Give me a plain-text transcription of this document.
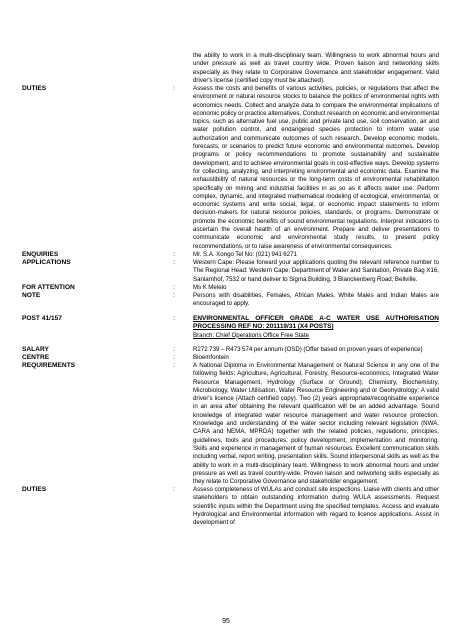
the ability to work in a multi-disciplinary team. Willingness to work abnormal hours and under pressure as well as travel country wide. Proven liaison and networking skills especially as they relate to Corporative Governance and stakeholder engagement. Valid driver's license (certified copy must be attached).
DUTIES	:	Assess the costs and benefits of various activities, policies, or regulations that affect the environment or natural resource stocks to balance the politics of environmental rights with economics needs. Collect and analyze data to compare the environmental implications of economic policy or practice alternatives. Conduct research on economic and environmental topics, such as alternative fuel use, public and private land use, soil conservation, air and water pollution control, and endangered species protection to inform water use authorization and communicate outcomes of such research. Develop economic models, forecasts, or scenarios to predict future economic and environmental outcomes. Develop programs or policy recommendations to promote sustainability and sustainable development, and to achieve environmental goals in cost-effective ways. Develop systems for collecting, analyzing, and interpreting environmental and economic data. Examine the exhaustibility of natural resources or the long-term costs of environmental rehabilitation specifically on mining and industrial facilities in as so as it affects water use. Perform complex, dynamic, and integrated mathematical modeling of ecological, environmental, or economic systems and write social, legal, or economic impact statements to inform decision-makers for natural resource policies, standards, or programs. Demonstrate or promote the economic benefits of sound environmental regulations. Interpret indicators to ascertain the overall health of an environment. Prepare and deliver presentations to communicate economic and environmental study results, to present policy recommendations, or to raise awareness of environmental consequences.
ENQUIRIES	:	Mr. S.A. Xongo Tel No: (021) 941 6271
APPLICATIONS	:	Western Cape: Please forward your applications quoting the relevant reference number to The Regional Head: Western Cape, Department of Water and Sanitation, Private Bag X16, Sanlamhof, 7532 or hand deliver to Sigma Building, 3 Blanckenberg Road, Bellville.
FOR ATTENTION	:	Ms K Melelo
NOTE	:	Persons with disabilities, Females, African Males, White Males and Indian Males are encouraged to apply.
POST 41/157	:	ENVIRONMENTAL OFFICER GRADE A-C WATER USE AUTHORISATION PROCESSING REF NO: 201119/31 (X4 POSTS)
Branch: Chief Operations Office Free State
SALARY	:	R272 739 – R473 574 per annum (OSD) (Offer based on proven years of experience)
CENTRE	:	Bloemfontein
REQUIREMENTS	:	A National Diploma in Environmental Management or Natural Science in any one of the following fields; Agriculture, Agricultural, Forestry, Resource-economics, Integrated Water Resource Management, Hydrology (Surface or Ground); Chemistry, Biochemistry, Microbiology, Water Utilisation, Water Resource Engineering and or Geohydrology; A valid driver's licence (Attach certified copy). Two (2) years appropriate/recognisable experience in an area after obtaining the relevant qualification will be an added advantage. Sound knowledge of integrated water resource management and water resource protection. Knowledge and understanding of the water sector including relevant legislation (NWA, CARA and NEMA, MPRDA) together with the related policies, regulations, principles, guidelines, tools and procedures; policy development, implementation and monitoring. Skills and experience in management of human resources. Excellent communication skills including verbal, report writing, presentation skills. Sound interpersonal skills as well as the ability to work in a multi-disciplinary team. Willingness to work abnormal hours and under pressure as well as travel country-wide. Proven liaison and networking skills especially as they relate to Corporative Governance and stakeholder engagement.
DUTIES	:	Assess completeness of WULAs and conduct site inspections. Liaise with clients and other stakeholders to obtain outstanding information during WULA assessments. Request scientific inputs within the Department using the specified templates. Access and evaluate Hydrological and Environmental information with regard to licence applications. Assist in development of
95
